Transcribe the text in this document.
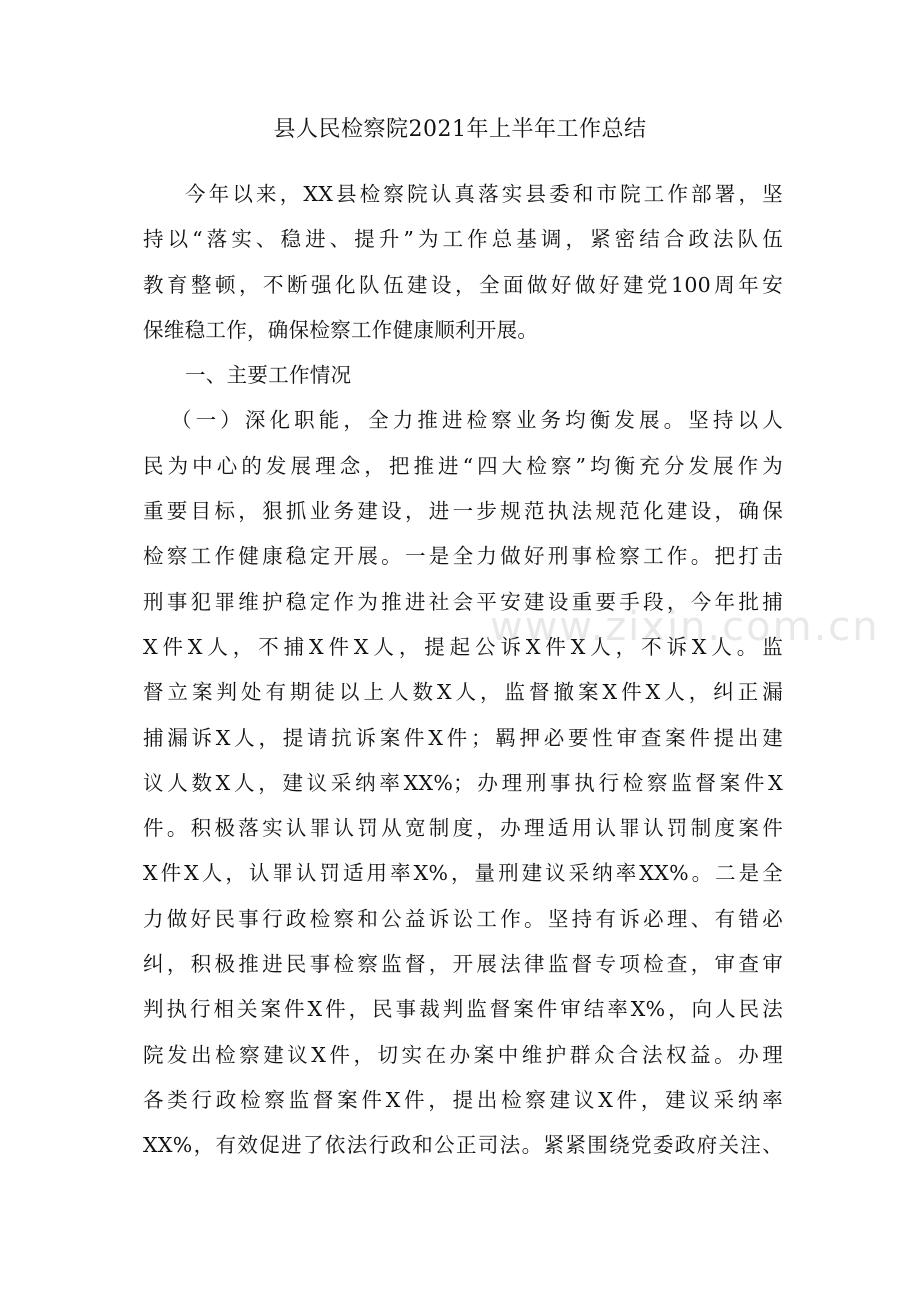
县人民检察院2021年上半年工作总结
今年以来，XX县检察院认真落实县委和市院工作部署，坚
持以“落实、稳进、提升”为工作总基调，紧密结合政法队伍
教育整顿，不断强化队伍建设，全面做好做好建党100周年安
保维稳工作，确保检察工作健康顺利开展。
一、主要工作情况
（一）深化职能，全力推进检察业务均衡发展。坚持以人
民为中心的发展理念，把推进“四大检察”均衡充分发展作为
重要目标，狠抓业务建设，进一步规范执法规范化建设，确保
检察工作健康稳定开展。一是全力做好刑事检察工作。把打击
刑事犯罪维护稳定作为推进社会平安建设重要手段，今年批捕
X件X人，不捕X件X人，提起公诉X件X人，不诉X人。监
督立案判处有期徒以上人数X人，监督撤案X件X人，纠正漏
捕漏诉X人，提请抗诉案件X件；羁押必要性审查案件提出建
议人数X人，建议采纳率XX%；办理刑事执行检察监督案件X
件。积极落实认罪认罚从宽制度，办理适用认罪认罚制度案件
X件X人，认罪认罚适用率X%，量刑建议采纳率XX%。二是全
力做好民事行政检察和公益诉讼工作。坚持有诉必理、有错必
纠，积极推进民事检察监督，开展法律监督专项检查，审查审
判执行相关案件X件，民事裁判监督案件审结率X%，向人民法
院发出检察建议X件，切实在办案中维护群众合法权益。办理
各类行政检察监督案件X件，提出检察建议X件，建议采纳率
XX%，有效促进了依法行政和公正司法。紧紧围绕党委政府关注、
www.zixin.com.cn
